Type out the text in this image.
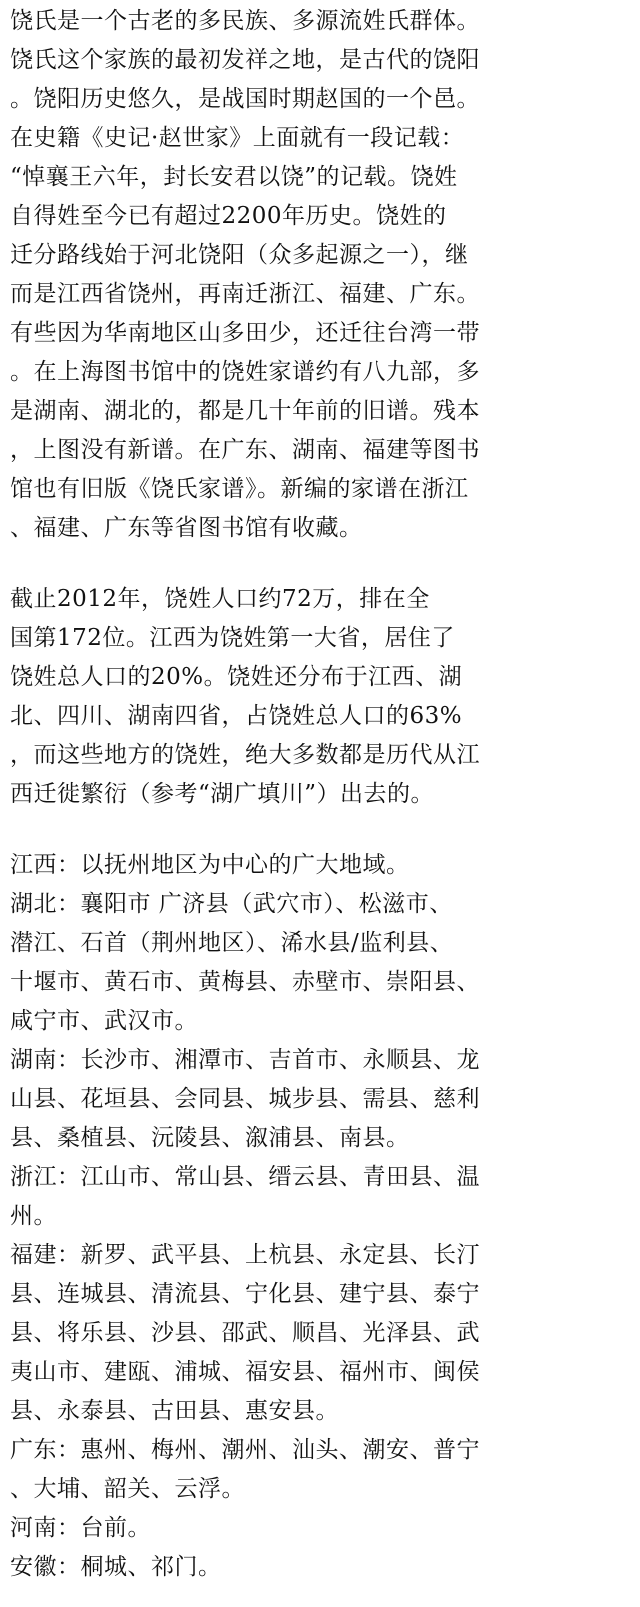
饶氏是一个古老的多民族、多源流姓氏群体。
饶氏这个家族的最初发祥之地，是古代的饶阳
。饶阳历史悠久，是战国时期赵国的一个邑。
在史籍《史记·赵世家》上面就有一段记载：
“悼襄王六年，封长安君以饶”的记载。饶姓
自得姓至今已有超过2200年历史。饶姓的
迁分路线始于河北饶阳（众多起源之一），继
而是江西省饶州，再南迁浙江、福建、广东。
有些因为华南地区山多田少，还迁往台湾一带
。在上海图书馆中的饶姓家谱约有八九部，多
是湖南、湖北的，都是几十年前的旧谱。残本
，上图没有新谱。在广东、湖南、福建等图书
馆也有旧版《饶氏家谱》。新编的家谱在浙江
、福建、广东等省图书馆有收藏。
截止2012年，饶姓人口约72万，排在全
国第172位。江西为饶姓第一大省，居住了
饶姓总人口的20%。饶姓还分布于江西、湖
北、四川、湖南四省，占饶姓总人口的63%
，而这些地方的饶姓，绝大多数都是历代从江
西迁徙繁衍（参考“湖广填川”）出去的。
江西：以抚州地区为中心的广大地域。
湖北：襄阳市 广济县（武穴市）、松滋市、
潜江、石首（荆州地区）、浠水县/监利县、
十堰市、黄石市、黄梅县、赤壁市、崇阳县、
咸宁市、武汉市。
湖南：长沙市、湘潭市、吉首市、永顺县、龙
山县、花垣县、会同县、城步县、需县、慈利
县、桑植县、沅陵县、溆浦县、南县。
浙江：江山市、常山县、缙云县、青田县、温
州。
福建：新罗、武平县、上杭县、永定县、长汀
县、连城县、清流县、宁化县、建宁县、泰宁
县、将乐县、沙县、邵武、顺昌、光泽县、武
夷山市、建瓯、浦城、福安县、福州市、闽侯
县、永泰县、古田县、惠安县。
广东：惠州、梅州、潮州、汕头、潮安、普宁
、大埔、韶关、云浮。
河南：台前。
安徽：桐城、祁门。
